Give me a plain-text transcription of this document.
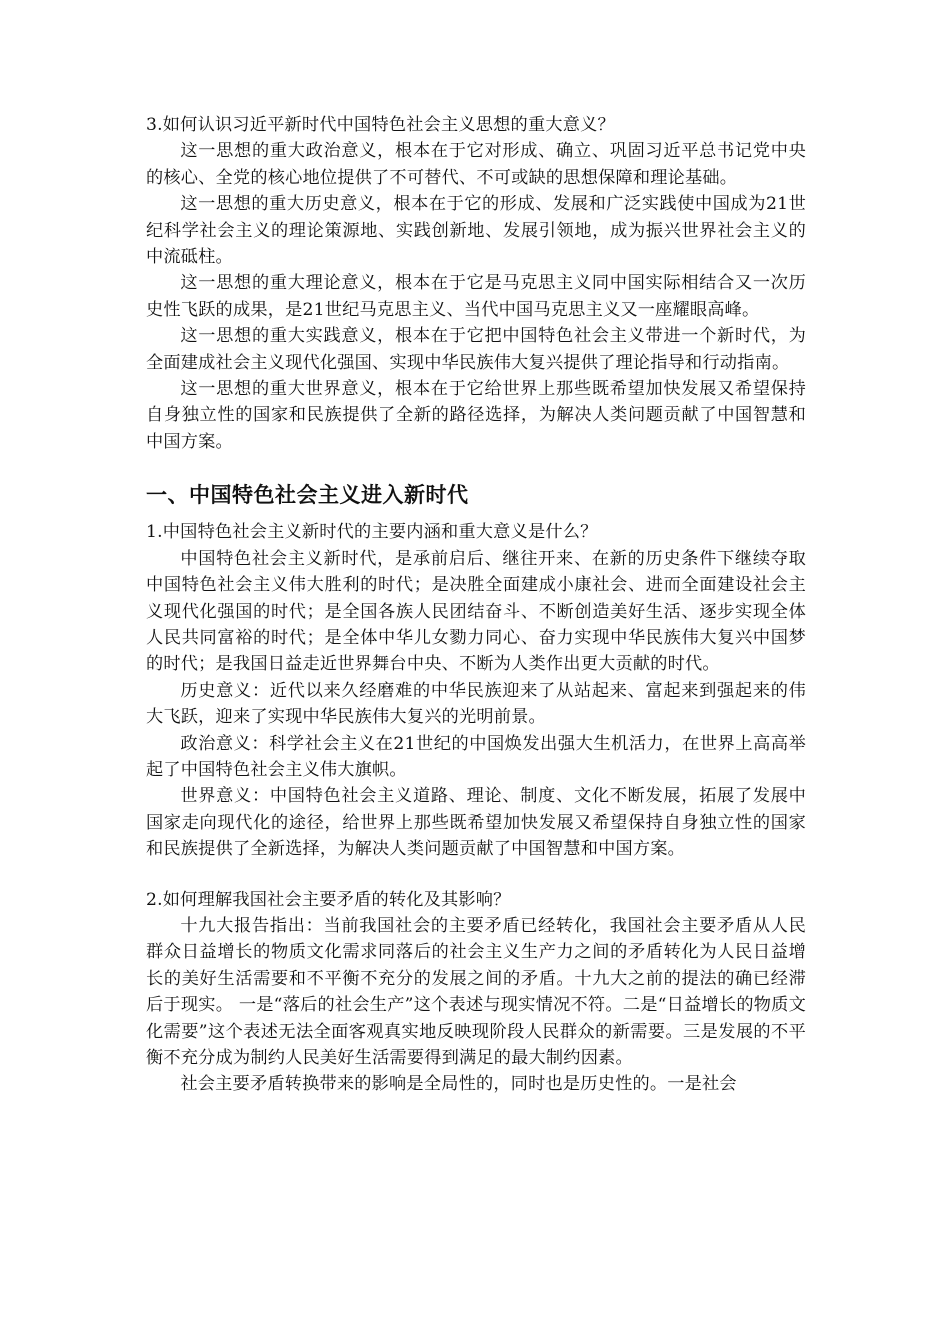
3.如何认识习近平新时代中国特色社会主义思想的重大意义？

这一思想的重大政治意义，根本在于它对形成、确立、巩固习近平总书记党中央的核心、全党的核心地位提供了不可替代、不可或缺的思想保障和理论基础。

这一思想的重大历史意义，根本在于它的形成、发展和广泛实践使中国成为21世纪科学社会主义的理论策源地、实践创新地、发展引领地，成为振兴世界社会主义的中流砥柱。

这一思想的重大理论意义，根本在于它是马克思主义同中国实际相结合又一次历史性飞跃的成果，是21世纪马克思主义、当代中国马克思主义又一座耀眼高峰。

这一思想的重大实践意义，根本在于它把中国特色社会主义带进一个新时代，为全面建成社会主义现代化强国、实现中华民族伟大复兴提供了理论指导和行动指南。

这一思想的重大世界意义，根本在于它给世界上那些既希望加快发展又希望保持自身独立性的国家和民族提供了全新的路径选择，为解决人类问题贡献了中国智慧和中国方案。

一、中国特色社会主义进入新时代

1.中国特色社会主义新时代的主要内涵和重大意义是什么？

中国特色社会主义新时代，是承前启后、继往开来、在新的历史条件下继续夺取中国特色社会主义伟大胜利的时代；是决胜全面建成小康社会、进而全面建设社会主义现代化强国的时代；是全国各族人民团结奋斗、不断创造美好生活、逐步实现全体人民共同富裕的时代；是全体中华儿女勠力同心、奋力实现中华民族伟大复兴中国梦的时代；是我国日益走近世界舞台中央、不断为人类作出更大贡献的时代。

历史意义：近代以来久经磨难的中华民族迎来了从站起来、富起来到强起来的伟大飞跃，迎来了实现中华民族伟大复兴的光明前景。

政治意义：科学社会主义在21世纪的中国焕发出强大生机活力，在世界上高高举起了中国特色社会主义伟大旗帜。

世界意义：中国特色社会主义道路、理论、制度、文化不断发展，拓展了发展中国家走向现代化的途径，给世界上那些既希望加快发展又希望保持自身独立性的国家和民族提供了全新选择，为解决人类问题贡献了中国智慧和中国方案。

2.如何理解我国社会主要矛盾的转化及其影响？

十九大报告指出：当前我国社会的主要矛盾已经转化，我国社会主要矛盾从人民群众日益增长的物质文化需求同落后的社会主义生产力之间的矛盾转化为人民日益增长的美好生活需要和不平衡不充分的发展之间的矛盾。十九大之前的提法的确已经滞后于现实。 一是“落后的社会生产”这个表述与现实情况不符。二是“日益增长的物质文化需要”这个表述无法全面客观真实地反映现阶段人民群众的新需要。三是发展的不平衡不充分成为制约人民美好生活需要得到满足的最大制约因素。

社会主要矛盾转换带来的影响是全局性的，同时也是历史性的。一是社会
